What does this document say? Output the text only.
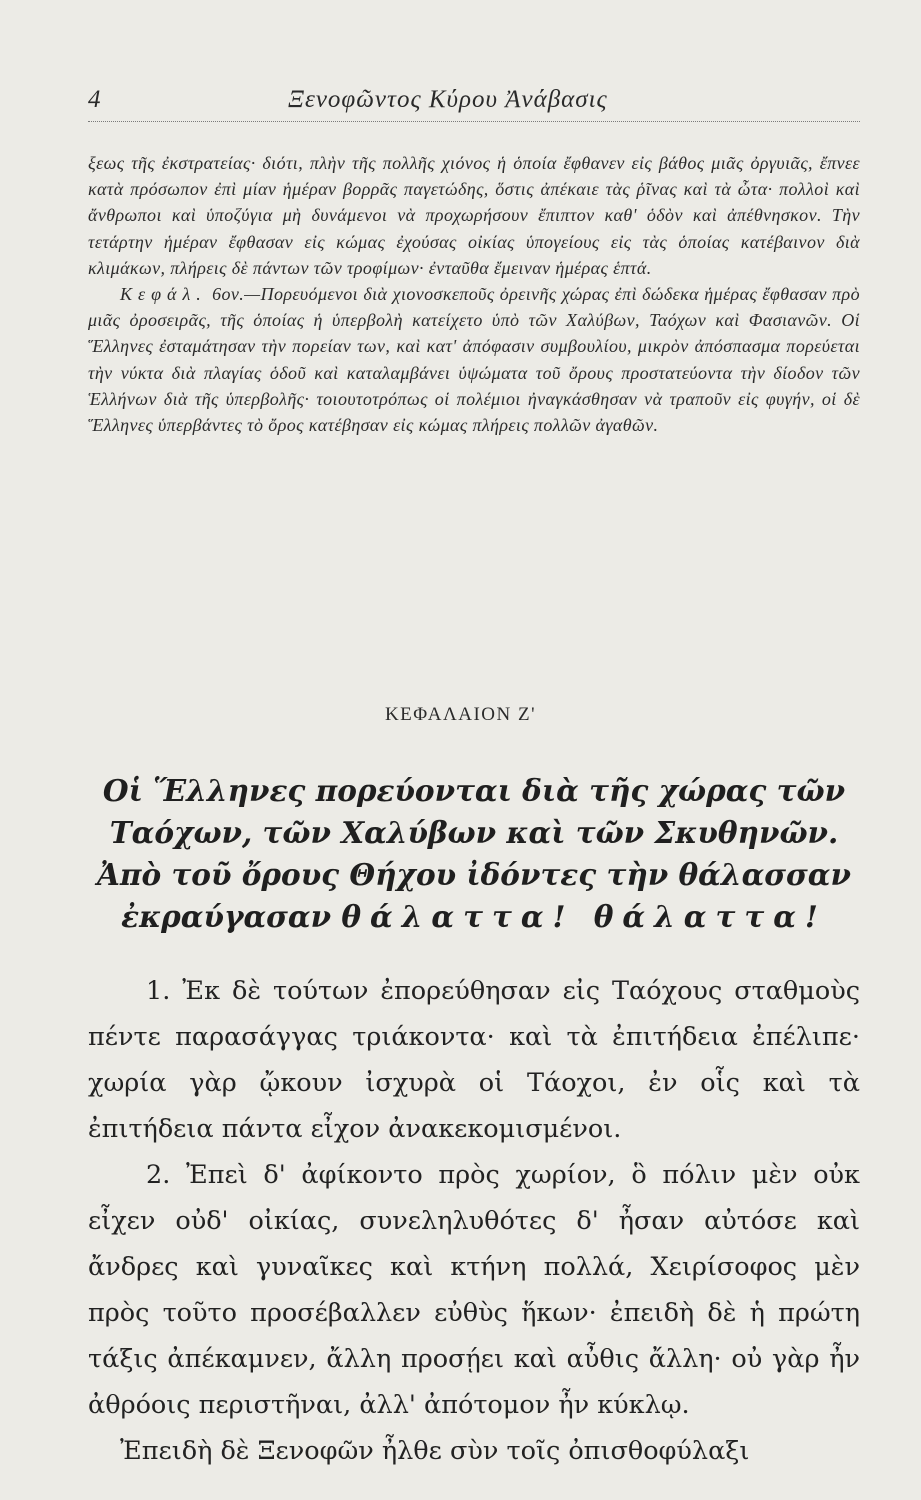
4	Ξενοφῶντος Κύρου Ἀνάβασις

ξεως τῆς ἐκστρατείας· διότι, πλὴν τῆς πολλῆς χιόνος ἡ ὁποία ἔφθανεν εἰς βάθος μιᾶς ὀργυιᾶς, ἔπνεε κατὰ πρόσωπον ἐπὶ μίαν ἡμέραν βορρᾶς παγετώδης, ὅστις ἀπέκαιε τὰς ῥῖνας καὶ τὰ ὦτα· πολλοὶ καὶ ἄνθρωποι καὶ ὑποζύγια μὴ δυνάμενοι νὰ προχωρήσουν ἔπιπτον καθ' ὁδὸν καὶ ἀπέθνησκον. Τὴν τετάρτην ἡμέραν ἔφθασαν εἰς κώμας ἐχούσας οἰκίας ὑπογείους εἰς τὰς ὁποίας κατέβαινον διὰ κλιμάκων, πλήρεις δὲ πάντων τῶν τροφίμων· ἐνταῦθα ἔμειναν ἡμέρας ἑπτά.

Κεφάλ. 6ον.—Πορευόμενοι διὰ χιονοσκεποῦς ὀρεινῆς χώρας ἐπὶ δώδεκα ἡμέρας ἔφθασαν πρὸ μιᾶς ὀροσειρᾶς, τῆς ὁποίας ἡ ὑπερβολὴ κατείχετο ὑπὸ τῶν Χαλύβων, Ταόχων καὶ Φασιανῶν. Οἱ Ἕλληνες ἐσταμάτησαν τὴν πορείαν των, καὶ κατ' ἀπόφασιν συμβουλίου, μικρὸν ἀπόσπασμα πορεύεται τὴν νύκτα διὰ πλαγίας ὁδοῦ καὶ καταλαμβάνει ὑψώματα τοῦ ὄρους προστατεύοντα τὴν δίοδον τῶν Ἑλλήνων διὰ τῆς ὑπερβολῆς· τοιουτοτρόπως οἱ πολέμιοι ἠναγκάσθησαν νὰ τραποῦν εἰς φυγήν, οἱ δὲ Ἕλληνες ὑπερβάντες τὸ ὄρος κατέβησαν εἰς κώμας πλήρεις πολλῶν ἀγαθῶν.

ΚΕΦΑΛΑΙΟΝ Ζ'
Οἱ Ἕλληνες πορεύονται διὰ τῆς χώρας τῶν Ταόχων, τῶν Χαλύβων καὶ τῶν Σκυθηνῶν. Ἀπὸ τοῦ ὄρους Θήχου ἰδόντες τὴν θάλασσαν ἐκραύγασαν θάλαττα! θάλαττα!

1. Ἐκ δὲ τούτων ἐπορεύθησαν εἰς Ταόχους σταθμοὺς πέντε παρασάγγας τριάκοντα· καὶ τὰ ἐπιτήδεια ἐπέλιπε· χωρία γὰρ ᾤκουν ἰσχυρὰ οἱ Τάοχοι, ἐν οἷς καὶ τὰ ἐπιτήδεια πάντα εἶχον ἀνακεκομισμένοι.

2. Ἐπεὶ δ' ἀφίκοντο πρὸς χωρίον, ὃ πόλιν μὲν οὐκ εἶχεν οὐδ' οἰκίας, συνεληλυθότες δ' ἦσαν αὐτόσε καὶ ἄνδρες καὶ γυναῖκες καὶ κτήνη πολλά, Χειρίσοφος μὲν πρὸς τοῦτο προσέβαλλεν εὐθὺς ἥκων· ἐπειδὴ δὲ ἡ πρώτη τάξις ἀπέκαμνεν, ἄλλη προσῄει καὶ αὖθις ἄλλη· οὐ γὰρ ἦν ἀθρόοις περιστῆναι, ἀλλ' ἀπότομον ἦν κύκλῳ.

Ἐπειδὴ δὲ Ξενοφῶν ἦλθε σὺν τοῖς ὀπισθοφύλαξι
